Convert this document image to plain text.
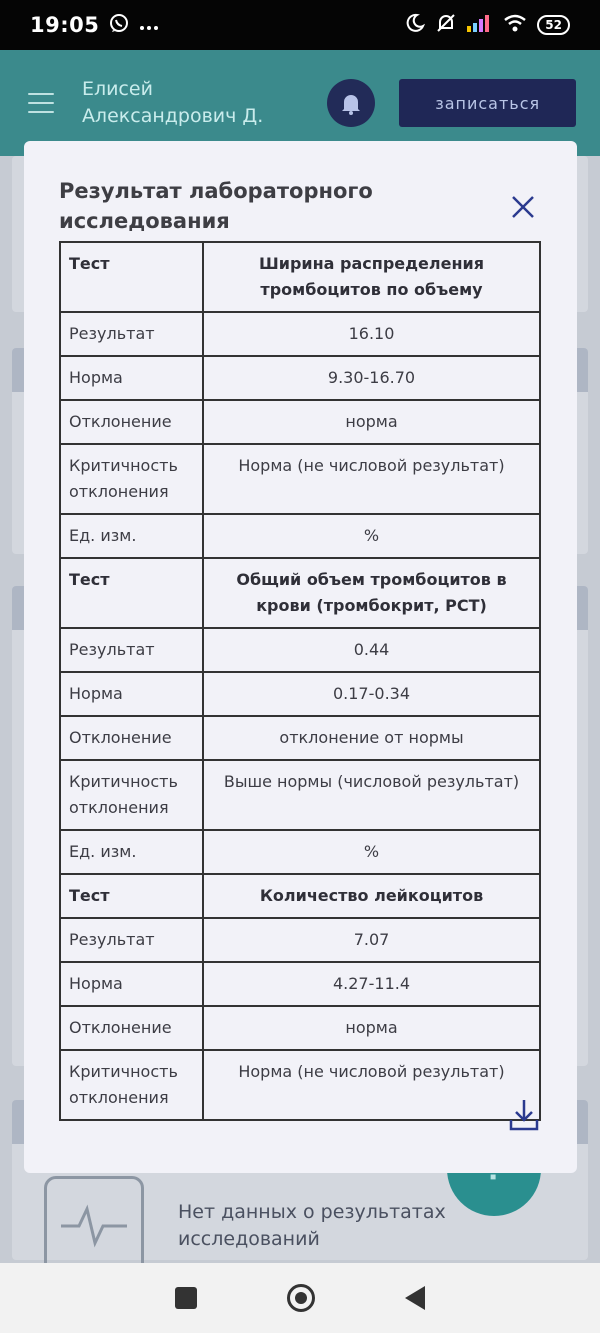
19:05	52
Елисей Александрович Д.
записаться
Нет данных о результатах исследований
Результат лабораторного исследования
Тест	Ширина распределения тромбоцитов по объему
Результат	16.10
Норма	9.30-16.70
Отклонение	норма
Критичность отклонения	Норма (не числовой результат)
Ед. изм.	%
Тест	Общий объем тромбоцитов в крови (тромбокрит, PCT)
Результат	0.44
Норма	0.17-0.34
Отклонение	отклонение от нормы
Критичность отклонения	Выше нормы (числовой результат)
Ед. изм.	%
Тест	Количество лейкоцитов
Результат	7.07
Норма	4.27-11.4
Отклонение	норма
Критичность отклонения	Норма (не числовой результат)
